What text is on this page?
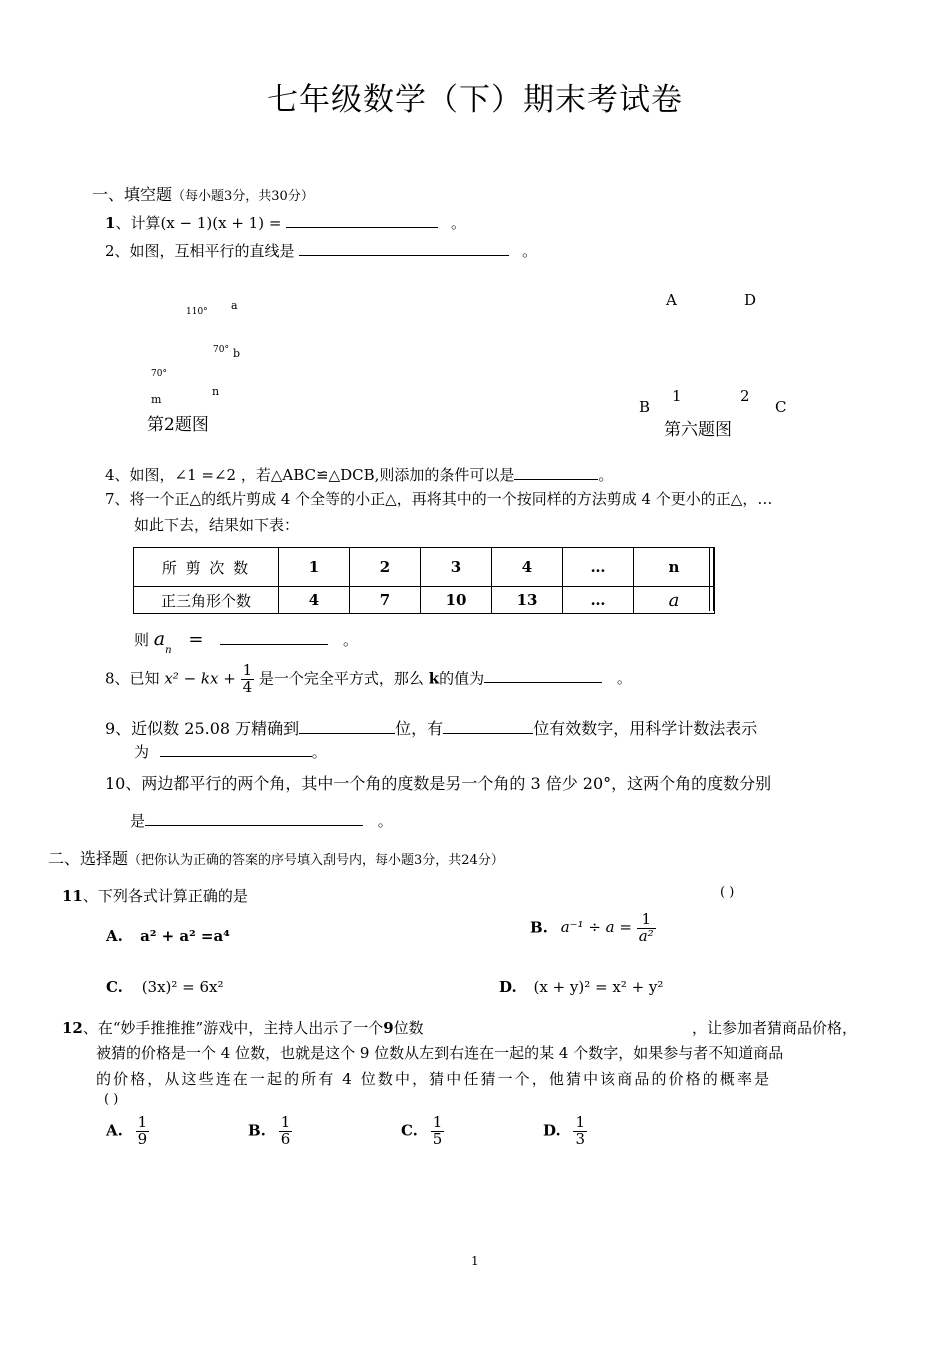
七年级数学（下）期末考试卷
一、填空题（每小题3分，共30分）
1、计算(x − 1)(x + 1) =	。
2、如图，互相平行的直线是	。
110° a
70° b
70°
n
m
第2题图
A	D
1	2
B	C
第六题图
4、如图，∠1 =∠2 ，若△ABC≌△DCB,则添加的条件可以是	。
7、将一个正△的纸片剪成 4 个全等的小正△，再将其中的一个按同样的方法剪成 4 个更小的正△，…
如此下去，结果如下表：
所 剪 次 数	1	2	3	4	…	n
正三角形个数	4	7	10	13	…	a
则 $a_n$ =	。
8、已知 x² − kx + $\frac{1}{4}$ 是一个完全平方式，那么 k的值为	。
9、近似数 25.08 万精确到	位，有	位有效数字，用科学计数法表示
为	。
10、两边都平行的两个角，其中一个角的度数是另一个角的 3 倍少 20°，这两个角的度数分别
是	。
二、选择题（把你认为正确的答案的序号填入刮号内，每小题3分，共24分）
11、下列各式计算正确的是	( )
A. a² + a² =a⁴	B. $a^{-1} \div a = \frac{1}{\text{a²}}$
C. (3x)² = 6x²	D. (x + y)² = x² + y²
12、在“妙手推推推”游戏中，主持人出示了一个9位数	，让参加者猜商品价格，
被猜的价格是一个 4 位数，也就是这个 9 位数从左到右连在一起的某 4 个数字，如果参与者不知道商品
的价格，从这些连在一起的所有 4 位数中，猜中任猜一个，他猜中该商品的价格的概率是
( )
A. $\frac{1}{9}$	B. $\frac{1}{6}$	C. $\frac{1}{5}$	D. $\frac{1}{3}$
1
